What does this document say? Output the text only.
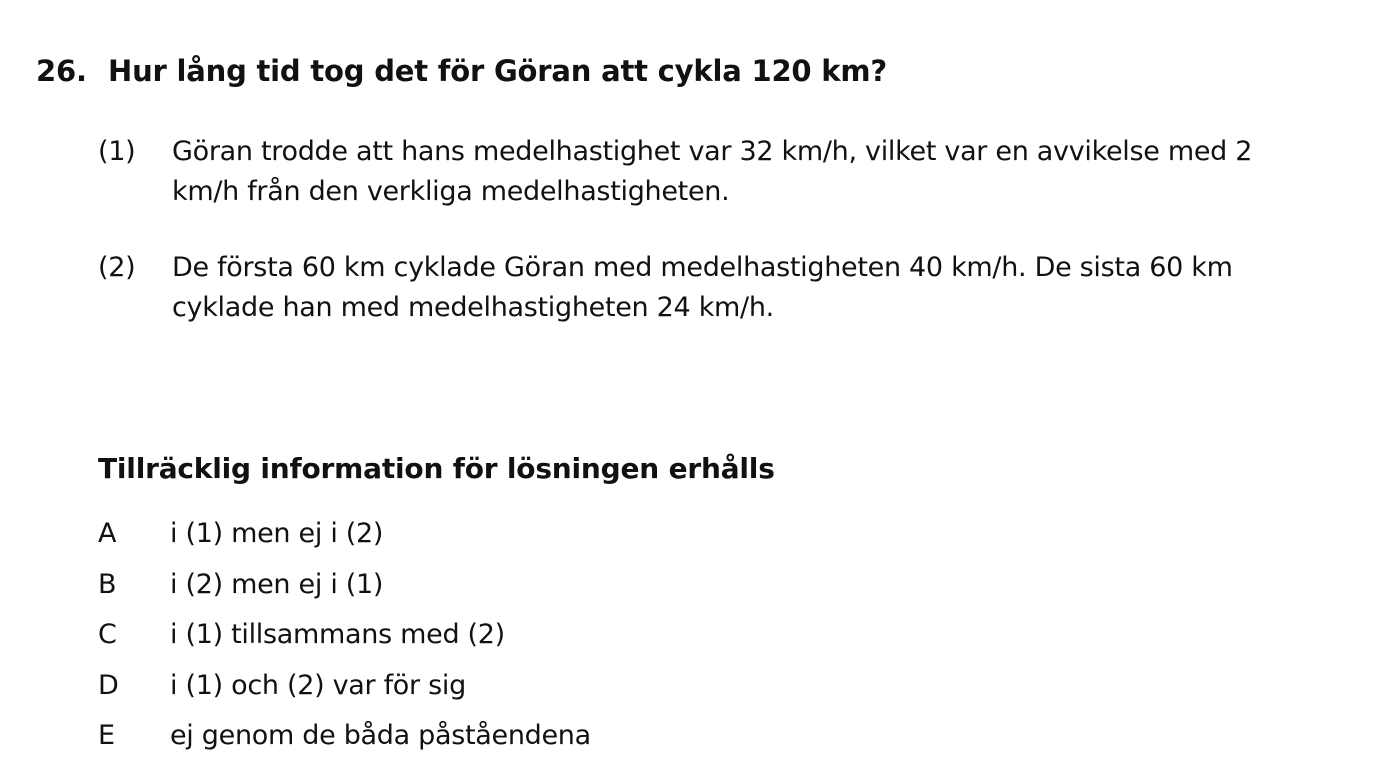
26. Hur lång tid tog det för Göran att cykla 120 km?
(1)	Göran trodde att hans medelhastighet var 32 km/h, vilket var en avvikelse med 2 km/h från den verkliga medelhastigheten.
(2)	De första 60 km cyklade Göran med medelhastigheten 40 km/h. De sista 60 km cyklade han med medelhastigheten 24 km/h.
Tillräcklig information för lösningen erhålls
A	i (1) men ej i (2)
B	i (2) men ej i (1)
C	i (1) tillsammans med (2)
D	i (1) och (2) var för sig
E	ej genom de båda påståendena
